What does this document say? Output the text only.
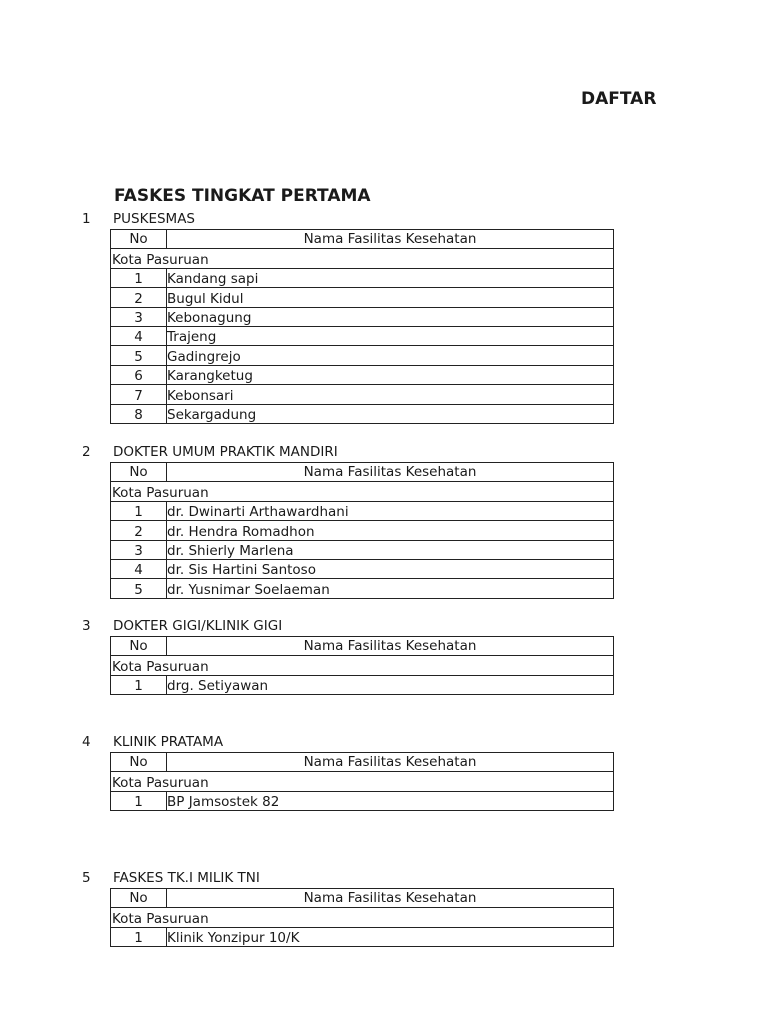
DAFTAR
FASKES TINGKAT PERTAMA
1 PUSKESMAS
No	Nama Fasilitas Kesehatan
Kota Pasuruan	
1	Kandang sapi
2	Bugul Kidul
3	Kebonagung
4	Trajeng
5	Gadingrejo
6	Karangketug
7	Kebonsari
8	Sekargadung
2 DOKTER UMUM PRAKTIK MANDIRI
No	Nama Fasilitas Kesehatan
Kota Pasuruan	
1	dr. Dwinarti Arthawardhani
2	dr. Hendra Romadhon
3	dr. Shierly Marlena
4	dr. Sis Hartini Santoso
5	dr. Yusnimar Soelaeman
3 DOKTER GIGI/KLINIK GIGI
No	Nama Fasilitas Kesehatan
Kota Pasuruan	
1	drg. Setiyawan
4 KLINIK PRATAMA
No	Nama Fasilitas Kesehatan
Kota Pasuruan	
1	BP Jamsostek 82
5 FASKES TK.I MILIK TNI
No	Nama Fasilitas Kesehatan
Kota Pasuruan	
1	Klinik Yonzipur 10/K
